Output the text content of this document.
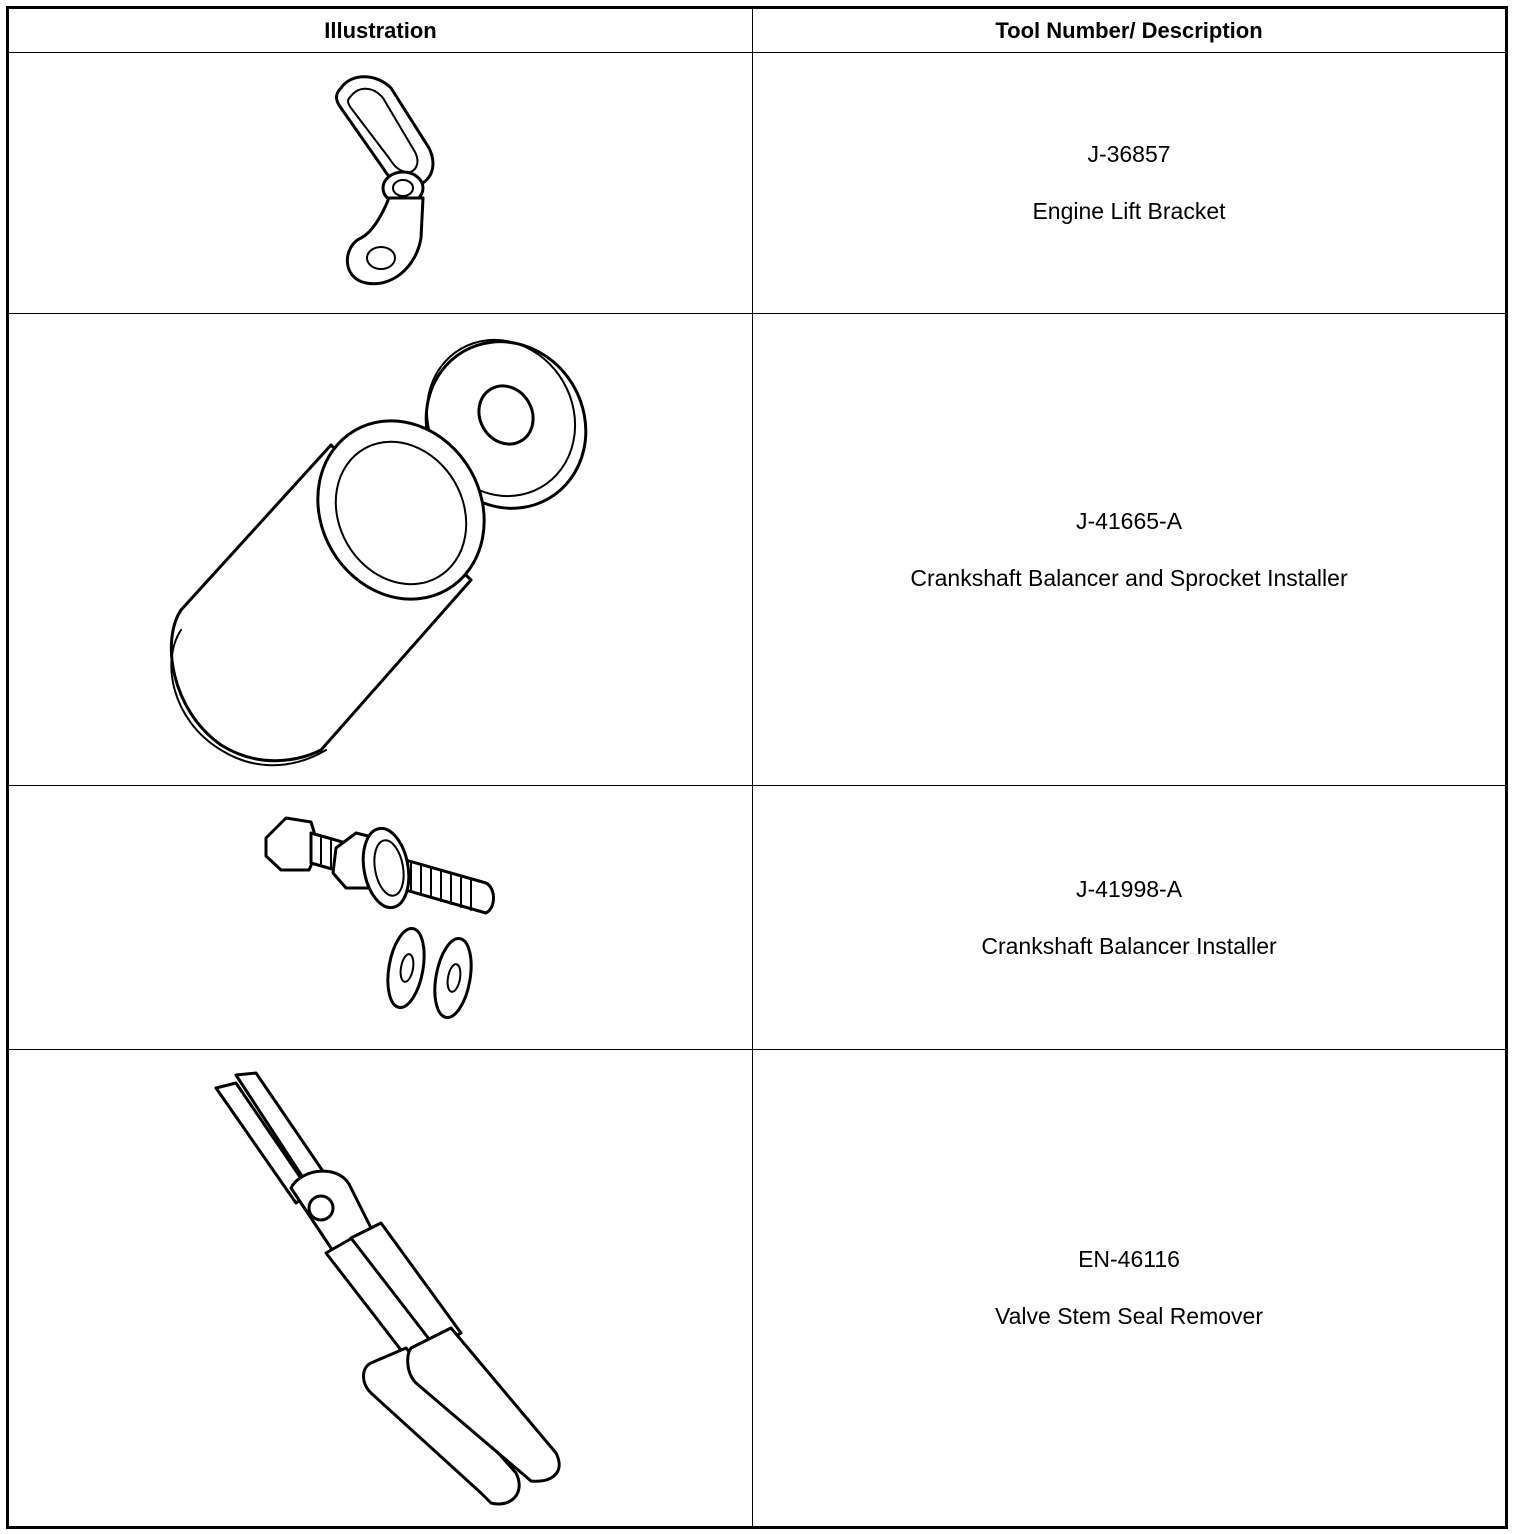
Illustration	Tool Number/ Description

J-36857
Engine Lift Bracket

J-41665-A
Crankshaft Balancer and Sprocket Installer

J-41998-A
Crankshaft Balancer Installer

EN-46116
Valve Stem Seal Remover
